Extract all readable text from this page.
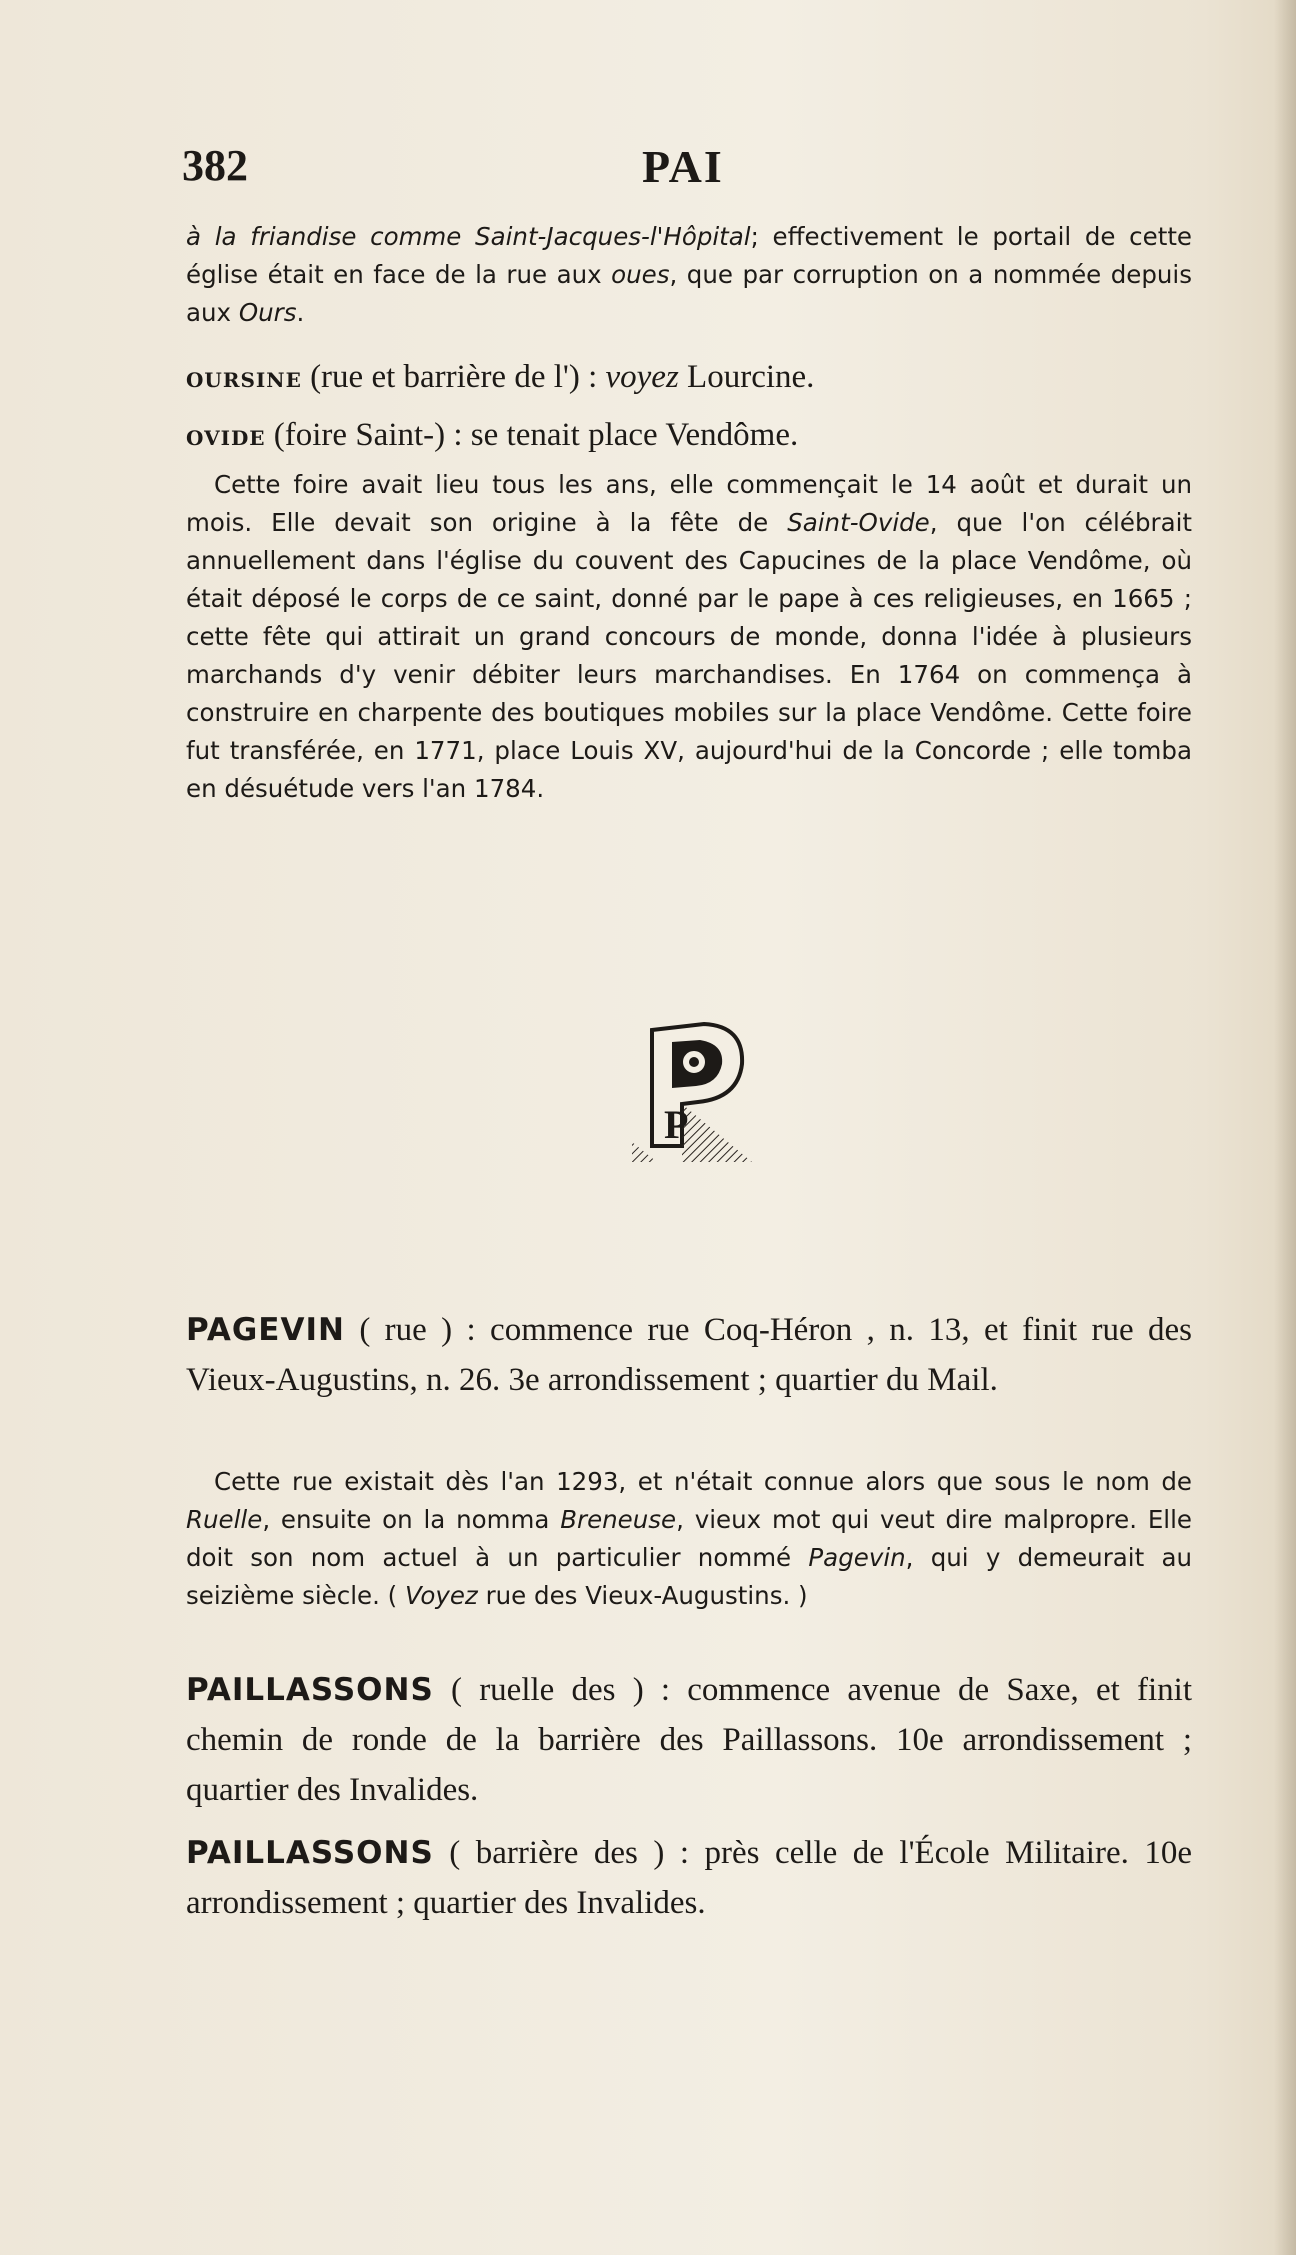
382	PAI

à la friandise comme Saint-Jacques-l'Hôpital; effectivement le portail de cette église était en face de la rue aux oues, que par corruption on a nommée depuis aux Ours.

oursine (rue et barrière de l') : voyez Lourcine.
ovide (foire Saint-) : se tenait place Vendôme.

Cette foire avait lieu tous les ans, elle commençait le 14 août et durait un mois. Elle devait son origine à la fête de Saint-Ovide, que l'on célébrait annuellement dans l'église du couvent des Capucines de la place Vendôme, où était déposé le corps de ce saint, donné par le pape à ces religieuses, en 1665 ; cette fête qui attirait un grand concours de monde, donna l'idée à plusieurs marchands d'y venir débiter leurs marchandises. En 1764 on commença à construire en charpente des boutiques mobiles sur la place Vendôme. Cette foire fut transférée, en 1771, place Louis XV, aujourd'hui de la Concorde ; elle tomba en désuétude vers l'an 1784.

P
PAGEVIN ( rue ) : commence rue Coq-Héron , n. 13, et finit rue des Vieux-Augustins, n. 26. 3e arrondissement ; quartier du Mail.

Cette rue existait dès l'an 1293, et n'était connue alors que sous le nom de Ruelle, ensuite on la nomma Breneuse, vieux mot qui veut dire malpropre. Elle doit son nom actuel à un particulier nommé Pagevin, qui y demeurait au seizième siècle. ( Voyez rue des Vieux-Augustins. )

PAILLASSONS ( ruelle des ) : commence avenue de Saxe, et finit chemin de ronde de la barrière des Paillassons. 10e arrondissement ; quartier des Invalides.
PAILLASSONS ( barrière des ) : près celle de l'École Militaire. 10e arrondissement ; quartier des Invalides.
